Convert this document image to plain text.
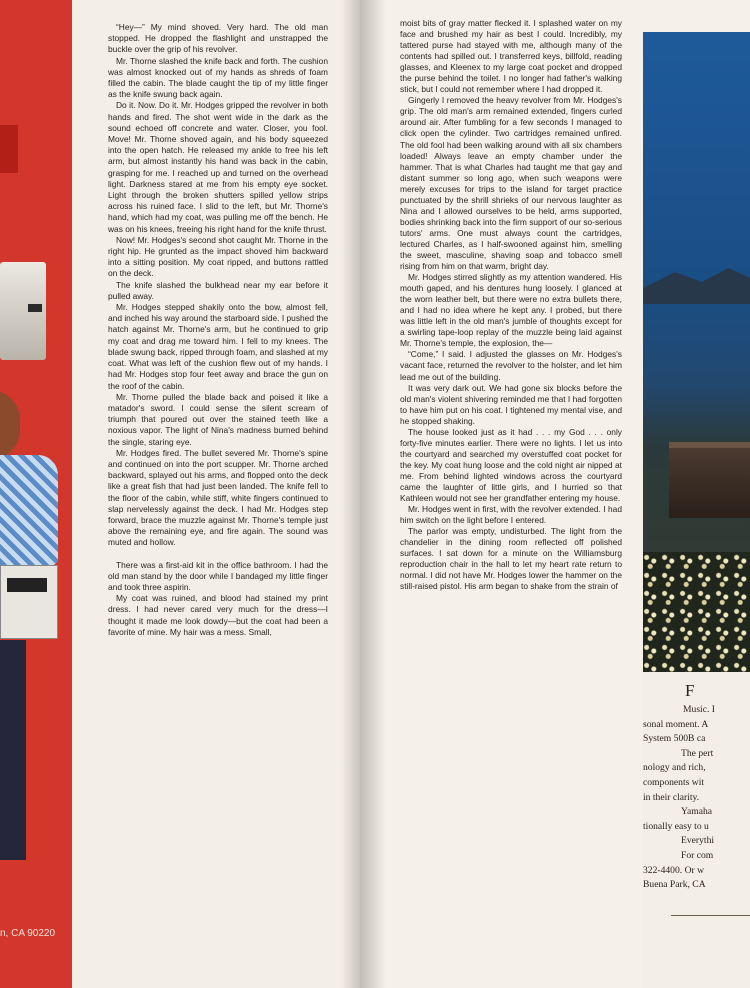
n, CA 90220

“Hey—” My mind shoved. Very hard. The old man stopped. He dropped the flashlight and unstrapped the buckle over the grip of his revolver.

Mr. Thorne slashed the knife back and forth. The cushion was almost knocked out of my hands as shreds of foam filled the cabin. The blade caught the tip of my little finger as the knife swung back again.

Do it. Now. Do it. Mr. Hodges gripped the revolver in both hands and fired. The shot went wide in the dark as the sound echoed off concrete and water. Closer, you fool. Move! Mr. Thorne shoved again, and his body squeezed into the open hatch. He released my ankle to free his left arm, but almost instantly his hand was back in the cabin, grasping for me. I reached up and turned on the overhead light. Darkness stared at me from his empty eye socket. Light through the broken shutters spilled yellow strips across his ruined face. I slid to the left, but Mr. Thorne's hand, which had my coat, was pulling me off the bench. He was on his knees, freeing his right hand for the knife thrust.

Now! Mr. Hodges's second shot caught Mr. Thorne in the right hip. He grunted as the impact shoved him backward into a sitting position. My coat ripped, and buttons rattled on the deck.

The knife slashed the bulkhead near my ear before it pulled away.

Mr. Hodges stepped shakily onto the bow, almost fell, and inched his way around the starboard side. I pushed the hatch against Mr. Thorne's arm, but he continued to grip my coat and drag me toward him. I fell to my knees. The blade swung back, ripped through foam, and slashed at my coat. What was left of the cushion flew out of my hands. I had Mr. Hodges stop four feet away and brace the gun on the roof of the cabin.

Mr. Thorne pulled the blade back and poised it like a matador's sword. I could sense the silent scream of triumph that poured out over the stained teeth like a noxious vapor. The light of Nina's madness burned behind the single, staring eye.

Mr. Hodges fired. The bullet severed Mr. Thorne's spine and continued on into the port scupper. Mr. Thorne arched backward, splayed out his arms, and flopped onto the deck like a great fish that had just been landed. The knife fell to the floor of the cabin, while stiff, white fingers continued to slap nervelessly against the deck. I had Mr. Hodges step forward, brace the muzzle against Mr. Thorne's temple just above the remaining eye, and fire again. The sound was muted and hollow.

There was a first-aid kit in the office bathroom. I had the old man stand by the door while I bandaged my little finger and took three aspirin.

My coat was ruined, and blood had stained my print dress. I had never cared very much for the dress—I thought it made me look dowdy—but the coat had been a favorite of mine. My hair was a mess. Small,

moist bits of gray matter flecked it. I splashed water on my face and brushed my hair as best I could. Incredibly, my tattered purse had stayed with me, although many of the contents had spilled out. I transferred keys, billfold, reading glasses, and Kleenex to my large coat pocket and dropped the purse behind the toilet. I no longer had father's walking stick, but I could not remember where I had dropped it.

Gingerly I removed the heavy revolver from Mr. Hodges's grip. The old man's arm remained extended, fingers curled around air. After fumbling for a few seconds I managed to click open the cylinder. Two cartridges remained unfired. The old fool had been walking around with all six chambers loaded! Always leave an empty chamber under the hammer. That is what Charles had taught me that gay and distant summer so long ago, when such weapons were merely excuses for trips to the island for target practice punctuated by the shrill shrieks of our nervous laughter as Nina and I allowed ourselves to be held, arms supported, bodies shrinking back into the firm support of our so-serious tutors' arms. One must always count the cartridges, lectured Charles, as I half-swooned against him, smelling the sweet, masculine, shaving soap and tobacco smell rising from him on that warm, bright day.

Mr. Hodges stirred slightly as my attention wandered. His mouth gaped, and his dentures hung loosely. I glanced at the worn leather belt, but there were no extra bullets there, and I had no idea where he kept any. I probed, but there was little left in the old man's jumble of thoughts except for a swirling tape-loop replay of the muzzle being laid against Mr. Thorne's temple, the explosion, the—

“Come,” I said. I adjusted the glasses on Mr. Hodges's vacant face, returned the revolver to the holster, and let him lead me out of the building.

It was very dark out. We had gone six blocks before the old man's violent shivering reminded me that I had forgotten to have him put on his coat. I tightened my mental vise, and he stopped shaking.

The house looked just as it had . . . my God . . . only forty-five minutes earlier. There were no lights. I let us into the courtyard and searched my overstuffed coat pocket for the key. My coat hung loose and the cold night air nipped at me. From behind lighted windows across the courtyard came the laughter of little girls, and I hurried so that Kathleen would not see her grandfather entering my house.

Mr. Hodges went in first, with the revolver extended. I had him switch on the light before I entered.

The parlor was empty, undisturbed. The light from the chandelier in the dining room reflected off polished surfaces. I sat down for a minute on the Williamsburg reproduction chair in the hall to let my heart rate return to normal. I did not have Mr. Hodges lower the hammer on the still-raised pistol. His arm began to shake from the strain of

F
Music. I
sonal moment. A
System 500B ca
The pert
nology and rich,
components wit
in their clarity.
Yamaha
tionally easy to u
Everythi
For com
322-4400. Or w
Buena Park, CA
